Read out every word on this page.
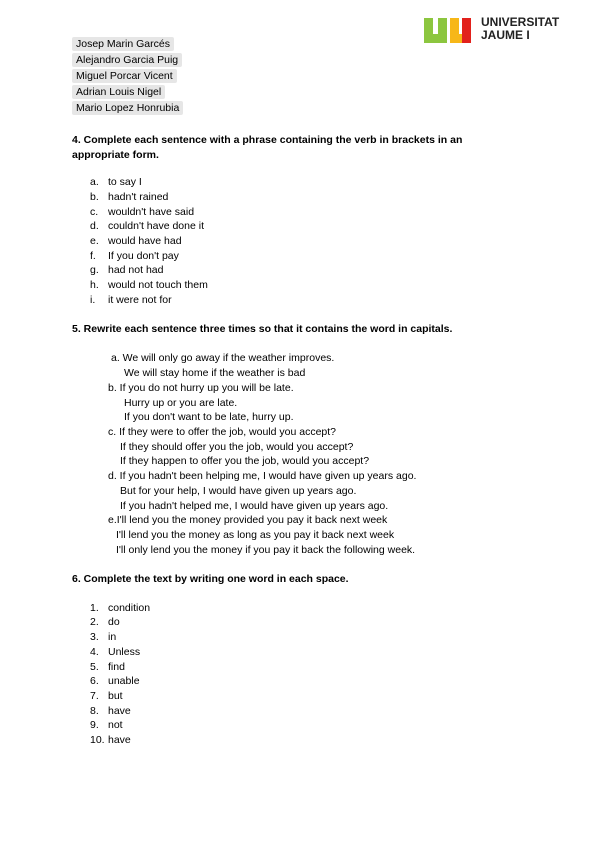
UNIVERSITAT
JAUME I
Josep Marin Garcés
Alejandro Garcia Puig
Miguel Porcar Vicent
Adrian Louis Nigel
Mario Lopez Honrubia
4. Complete each sentence with a phrase containing the verb in brackets in an appropriate form.
a. to say I
b. hadn't rained
c. wouldn't have said
d. couldn't have done it
e. would have had
f. If you don't pay
g. had not had
h. would not touch them
i. it were not for
5. Rewrite each sentence three times so that it contains the word in capitals.
a. We will only go away if the weather improves.
We will stay home if the weather is bad
b. If you do not hurry up you will be late.
Hurry up or you are late.
If you don't want to be late, hurry up.
c. If they were to offer the job, would you accept?
If they should offer you the job, would you accept?
If they happen to offer you the job, would you accept?
d. If you hadn't been helping me, I would have given up years ago.
But for your help, I would have given up years ago.
If you hadn't helped me, I would have given up years ago.
e.I'll lend you the money provided you pay it back next week
I'll lend you the money as long as you pay it back next week
I'll only lend you the money if you pay it back the following week.
6. Complete the text by writing one word in each space.
1. condition
2. do
3. in
4. Unless
5. find
6. unable
7. but
8. have
9. not
10. have
